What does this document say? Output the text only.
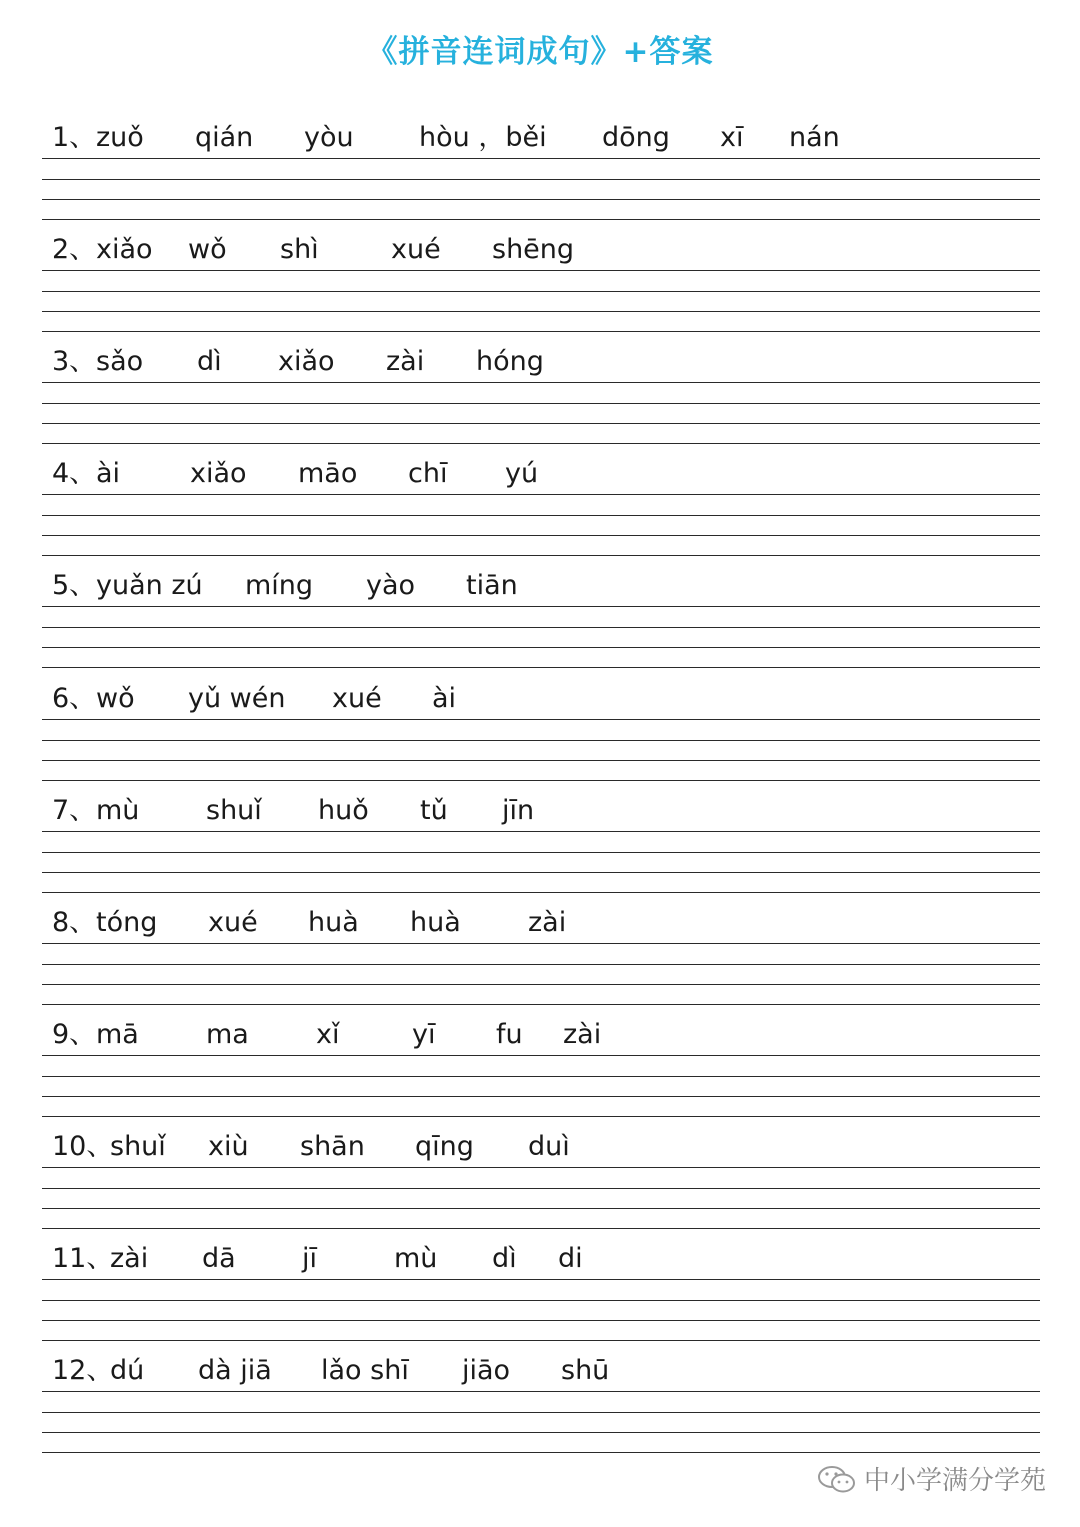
《拼音连词成句》+答案
1、 zuǒ qián yòu hòu ，běi dōng xī nán
2、 xiǎo wǒ shì	xué shēng
3、 sǎo dì xiǎo zài hóng
4、 ài	xiǎo māo chī yú
5、 yuǎn zú míng yào tiān
6、 wǒ yǔ wén xué ài
7、 mù shuǐ huǒ tǔ jīn
8、 tóng xué huà huà zài
9、 mā ma xǐ	yī fu zài
10、
shuǐ xiù shān qīng duì
11、
zài dā jī	mù dì di
12、
dú dà jiā lǎo shī jiāo shū
中小学满分学苑
